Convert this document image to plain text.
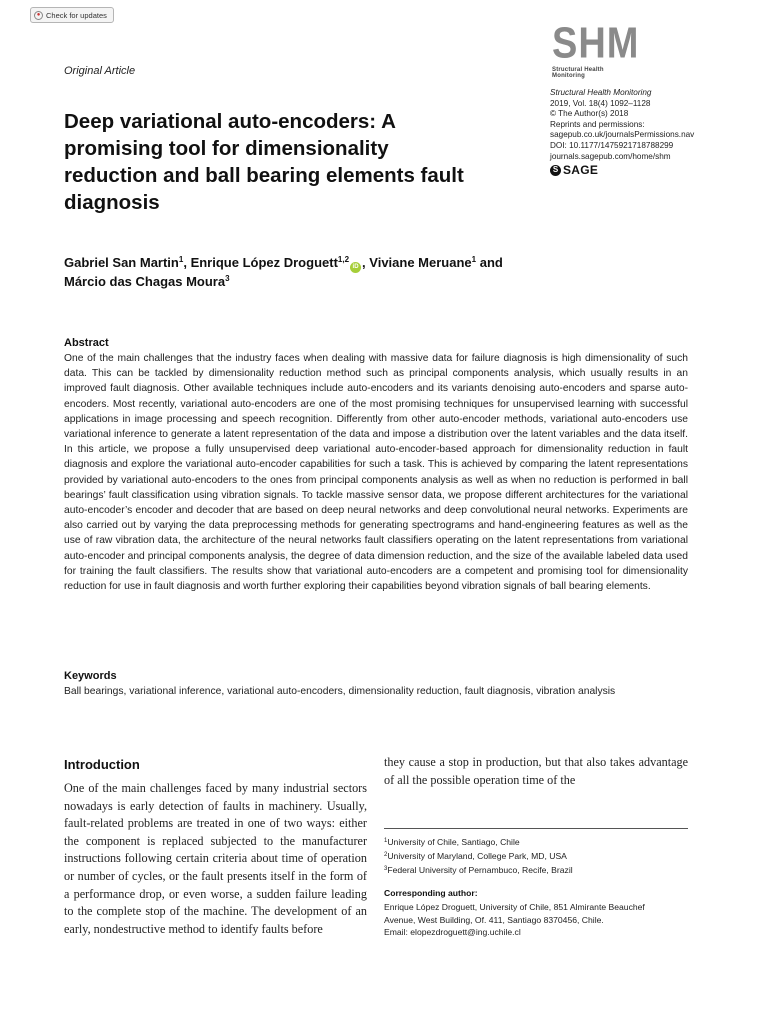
● Check for updates
Original Article
Deep variational auto-encoders: A promising tool for dimensionality reduction and ball bearing elements fault diagnosis
SHM
Structural Health Monitoring
Structural Health Monitoring
2019, Vol. 18(4) 1092–1128
© The Author(s) 2018
Reprints and permissions:
sagepub.co.uk/journalsPermissions.nav
DOI: 10.1177/1475921718788299
journals.sagepub.com/home/shm
S SAGE
Gabriel San Martin$^1$, Enrique López Droguett$^{1,2}$iD , Viviane Meruane$^1$ and
Márcio das Chagas Moura$^3$
Abstract

One of the main challenges that the industry faces when dealing with massive data for failure diagnosis is high dimensionality of such data. This can be tackled by dimensionality reduction method such as principal components analysis, which usually results in an improved fault diagnosis. Other available techniques include auto-encoders and its variants denoising auto-encoders and sparse auto-encoders. Most recently, variational auto-encoders are one of the most promising techniques for unsupervised learning with successful applications in image processing and speech recognition. Differently from other auto-encoder methods, variational auto-encoders use variational inference to generate a latent representation of the data and impose a distribution over the latent variables and the data itself. In this article, we propose a fully unsupervised deep variational auto-encoder-based approach for dimensionality reduction in fault diagnosis and explore the variational auto-encoder capabilities for such a task. This is achieved by comparing the latent representations provided by variational auto-encoders to the ones from principal components analysis as well as when no reduction is performed in ball bearings’ fault classification using vibration signals. To tackle massive sensor data, we propose different architectures for the variational auto-encoder’s encoder and decoder that are based on deep neural networks and deep convolutional neural networks. Experiments are also carried out by varying the data preprocessing methods for generating spectrograms and hand-engineering features as well as the use of raw vibration data, the architecture of the neural networks fault classifiers operating on the latent representations from variational auto-encoder and principal components analysis, the degree of data dimension reduction, and the size of the available labeled data used for training the fault classifiers. The results show that variational auto-encoders are a competent and promising tool for dimensionality reduction for use in fault diagnosis and worth further exploring their capabilities beyond vibration signals of ball bearing elements.

Keywords
Ball bearings, variational inference, variational auto-encoders, dimensionality reduction, fault diagnosis, vibration analysis
Introduction

One of the main challenges faced by many industrial sectors nowadays is early detection of faults in machinery. Usually, fault-related problems are treated in one of two ways: either the component is replaced subjected to the manufacturer instructions following certain criteria about time of operation or number of cycles, or the fault presents itself in the form of a performance drop, or even worse, a sudden failure leading to the complete stop of the machine. The development of an early, nondestructive method to identify faults before

they cause a stop in production, but that also takes advantage of all the possible operation time of the

$^1$University of Chile, Santiago, Chile
$^2$University of Maryland, College Park, MD, USA
$^3$Federal University of Pernambuco, Recife, Brazil
Corresponding author:
Enrique López Droguett, University of Chile, 851 Almirante Beauchef
Avenue, West Building, Of. 411, Santiago 8370456, Chile.
Email: elopezdroguett@ing.uchile.cl
